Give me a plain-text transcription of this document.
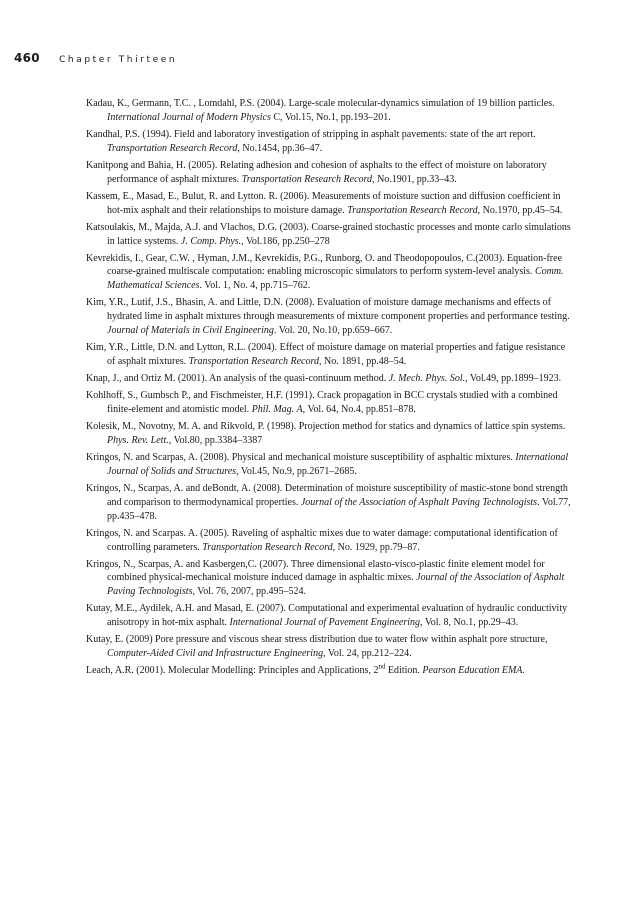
460 Chapter Thirteen

Kadau, K., Germann, T.C. , Lomdahl, P.S. (2004). Large-scale molecular-dynamics simulation of 19 billion particles. International Journal of Modern Physics C, Vol.15, No.1, pp.193–201.

Kandhal, P.S. (1994). Field and laboratory investigation of stripping in asphalt pavements: state of the art report. Transportation Research Record, No.1454, pp.36–47.

Kanitpong and Bahia, H. (2005). Relating adhesion and cohesion of asphalts to the effect of moisture on laboratory performance of asphalt mixtures. Transportation Research Record, No.1901, pp.33–43.

Kassem, E., Masad, E., Bulut, R. and Lytton. R. (2006). Measurements of moisture suction and diffusion coefficient in hot-mix asphalt and their relationships to moisture damage. Transportation Research Record, No.1970, pp.45–54.

Katsoulakis, M., Majda, A.J. and Vlachos, D.G. (2003). Coarse-grained stochastic processes and monte carlo simulations in lattice systems. J. Comp. Phys., Vol.186, pp.250–278

Kevrekidis, I., Gear, C.W. , Hyman, J.M., Kevrekidis, P.G., Runborg, O. and Theodopopoulos, C.(2003). Equation-free coarse-grained multiscale computation: enabling microscopic simulators to perform system-level analysis. Comm. Mathematical Sciences. Vol. 1, No. 4, pp.715–762.

Kim, Y.R., Lutif, J.S., Bhasin, A. and Little, D.N. (2008). Evaluation of moisture damage mechanisms and effects of hydrated lime in asphalt mixtures through measurements of mixture component properties and performance testing. Journal of Materials in Civil Engineering. Vol. 20, No.10, pp.659–667.

Kim, Y.R., Little, D.N. and Lytton, R.L. (2004). Effect of moisture damage on material properties and fatigue resistance of asphalt mixtures. Transportation Research Record, No. 1891, pp.48–54.

Knap, J., and Ortiz M. (2001). An analysis of the quasi-continuum method. J. Mech. Phys. Sol., Vol.49, pp.1899–1923.

Kohlhoff, S., Gumbsch P., and Fischmeister, H.F. (1991). Crack propagation in BCC crystals studied with a combined finite-element and atomistic model. Phil. Mag. A, Vol. 64, No.4, pp.851–878.

Kolesik, M., Novotny, M. A. and Rikvold, P. (1998). Projection method for statics and dynamics of lattice spin systems. Phys. Rev. Lett., Vol.80, pp.3384–3387

Kringos, N. and Scarpas, A. (2008). Physical and mechanical moisture susceptibility of asphaltic mixtures. International Journal of Solids and Structures, Vol.45, No.9, pp.2671–2685.

Kringos, N., Scarpas, A. and deBondt, A. (2008). Determination of moisture susceptibility of mastic-stone bond strength and comparison to thermodynamical properties. Journal of the Association of Asphalt Paving Technologists. Vol.77, pp.435–478.

Kringos, N. and Scarpas. A. (2005). Raveling of asphaltic mixes due to water damage: computational identification of controlling parameters. Transportation Research Record, No. 1929, pp.79–87.

Kringos, N., Scarpas, A. and Kasbergen,C. (2007). Three dimensional elasto-visco-plastic finite element model for combined physical-mechanical moisture induced damage in asphaltic mixes. Journal of the Association of Asphalt Paving Technologists, Vol. 76, 2007, pp.495–524.

Kutay, M.E., Aydilek, A.H. and Masad, E. (2007). Computational and experimental evaluation of hydraulic conductivity anisotropy in hot-mix asphalt. International Journal of Pavement Engineering, Vol. 8, No.1, pp.29–43.

Kutay, E. (2009) Pore pressure and viscous shear stress distribution due to water flow within asphalt pore structure, Computer-Aided Civil and Infrastructure Engineering, Vol. 24, pp.212–224.

Leach, A.R. (2001). Molecular Modelling: Principles and Applications, 2nd Edition. Pearson Education EMA.
